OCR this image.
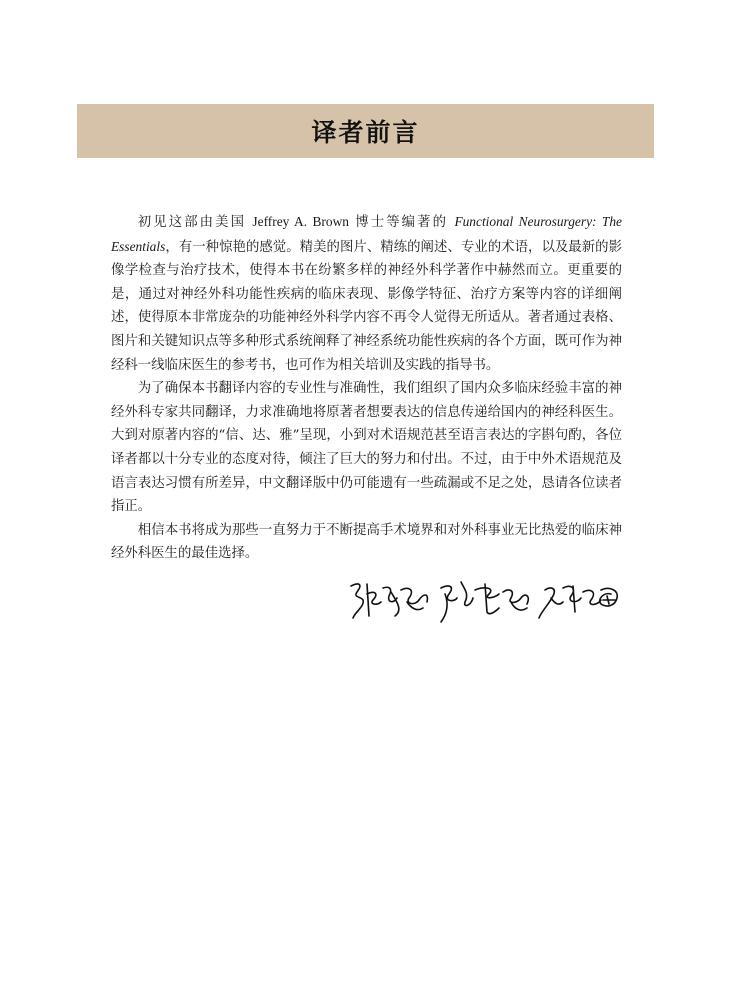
译者前言

初见这部由美国 Jeffrey A. Brown 博士等编著的 Functional Neurosurgery: The Essentials，有一种惊艳的感觉。精美的图片、精练的阐述、专业的术语，以及最新的影像学检查与治疗技术，使得本书在纷繁多样的神经外科学著作中赫然而立。更重要的是，通过对神经外科功能性疾病的临床表现、影像学特征、治疗方案等内容的详细阐述，使得原本非常庞杂的功能神经外科学内容不再令人觉得无所适从。著者通过表格、图片和关键知识点等多种形式系统阐释了神经系统功能性疾病的各个方面，既可作为神经科一线临床医生的参考书，也可作为相关培训及实践的指导书。

为了确保本书翻译内容的专业性与准确性，我们组织了国内众多临床经验丰富的神经外科专家共同翻译，力求准确地将原著者想要表达的信息传递给国内的神经科医生。大到对原著内容的“信、达、雅”呈现，小到对术语规范甚至语言表达的字斟句酌，各位译者都以十分专业的态度对待，倾注了巨大的努力和付出。不过，由于中外术语规范及语言表达习惯有所差异，中文翻译版中仍可能遗有一些疏漏或不足之处，恳请各位读者指正。

相信本书将成为那些一直努力于不断提高手术境界和对外科事业无比热爱的临床神经外科医生的最佳选择。
